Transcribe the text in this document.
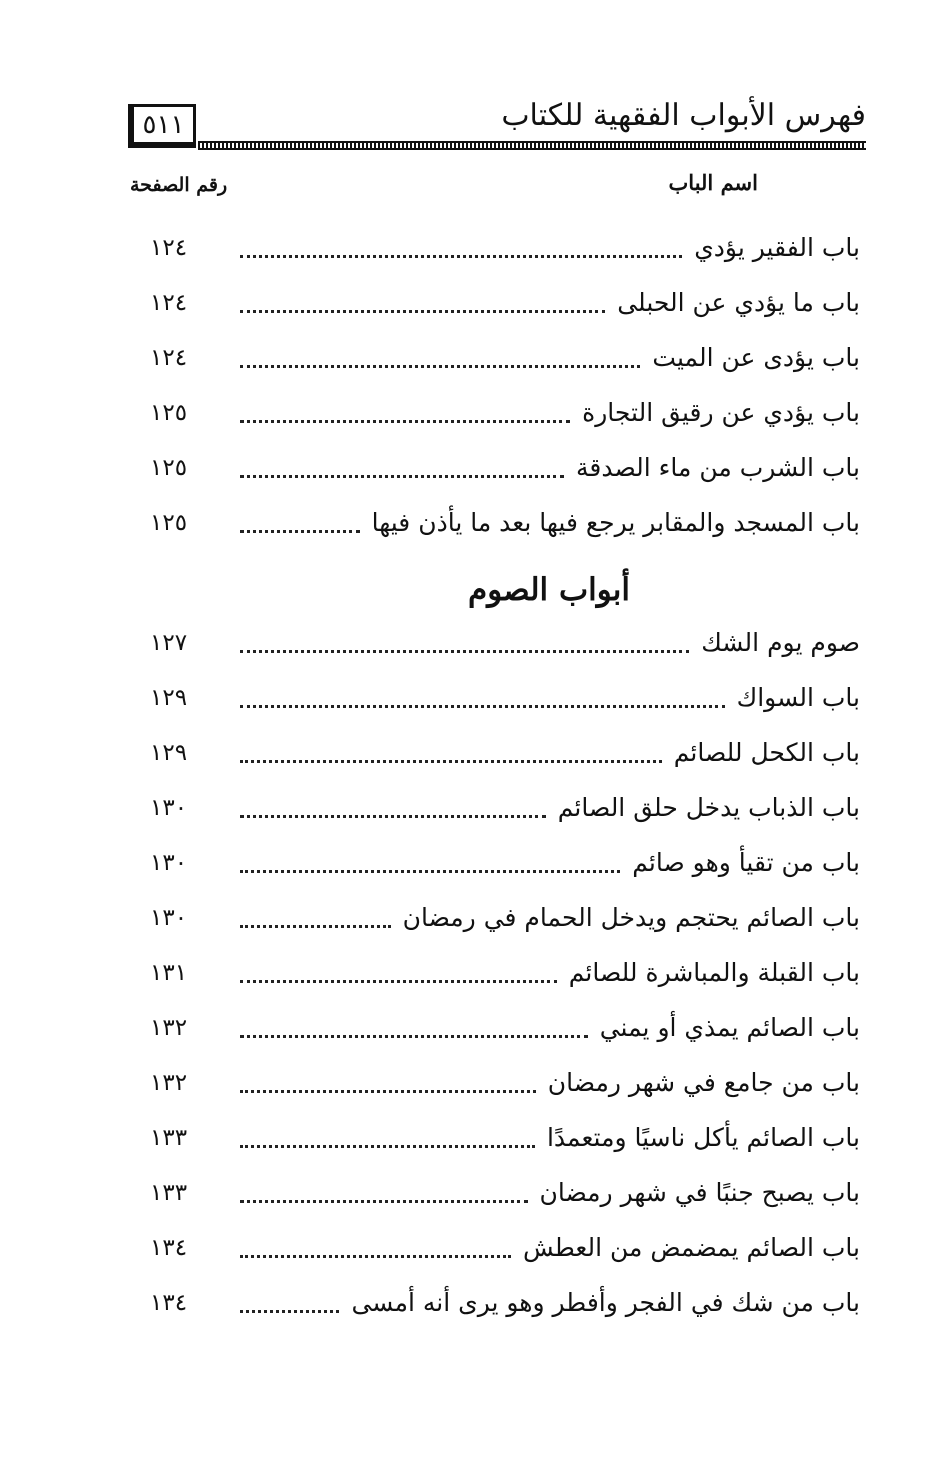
٥١١	فهرس الأبواب الفقهية للكتاب
اسم الباب
رقم الصفحة
باب الفقير يؤدي
١٢٤
باب ما يؤدي عن الحبلى
١٢٤
باب يؤدى عن الميت
١٢٤
باب يؤدي عن رقيق التجارة
١٢٥
باب الشرب من ماء الصدقة
١٢٥
باب المسجد والمقابر يرجع فيها بعد ما يأذن فيها
١٢٥
أبواب الصوم
صوم يوم الشك
١٢٧
باب السواك
١٢٩
باب الكحل للصائم
١٢٩
باب الذباب يدخل حلق الصائم
١٣٠
باب من تقيأ وهو صائم
١٣٠
باب الصائم يحتجم ويدخل الحمام في رمضان
١٣٠
باب القبلة والمباشرة للصائم
١٣١
باب الصائم يمذي أو يمني
١٣٢
باب من جامع في شهر رمضان
١٣٢
باب الصائم يأكل ناسيًا ومتعمدًا
١٣٣
باب يصبح جنبًا في شهر رمضان
١٣٣
باب الصائم يمضمض من العطش
١٣٤
باب من شك في الفجر وأفطر وهو يرى أنه أمسى
١٣٤
